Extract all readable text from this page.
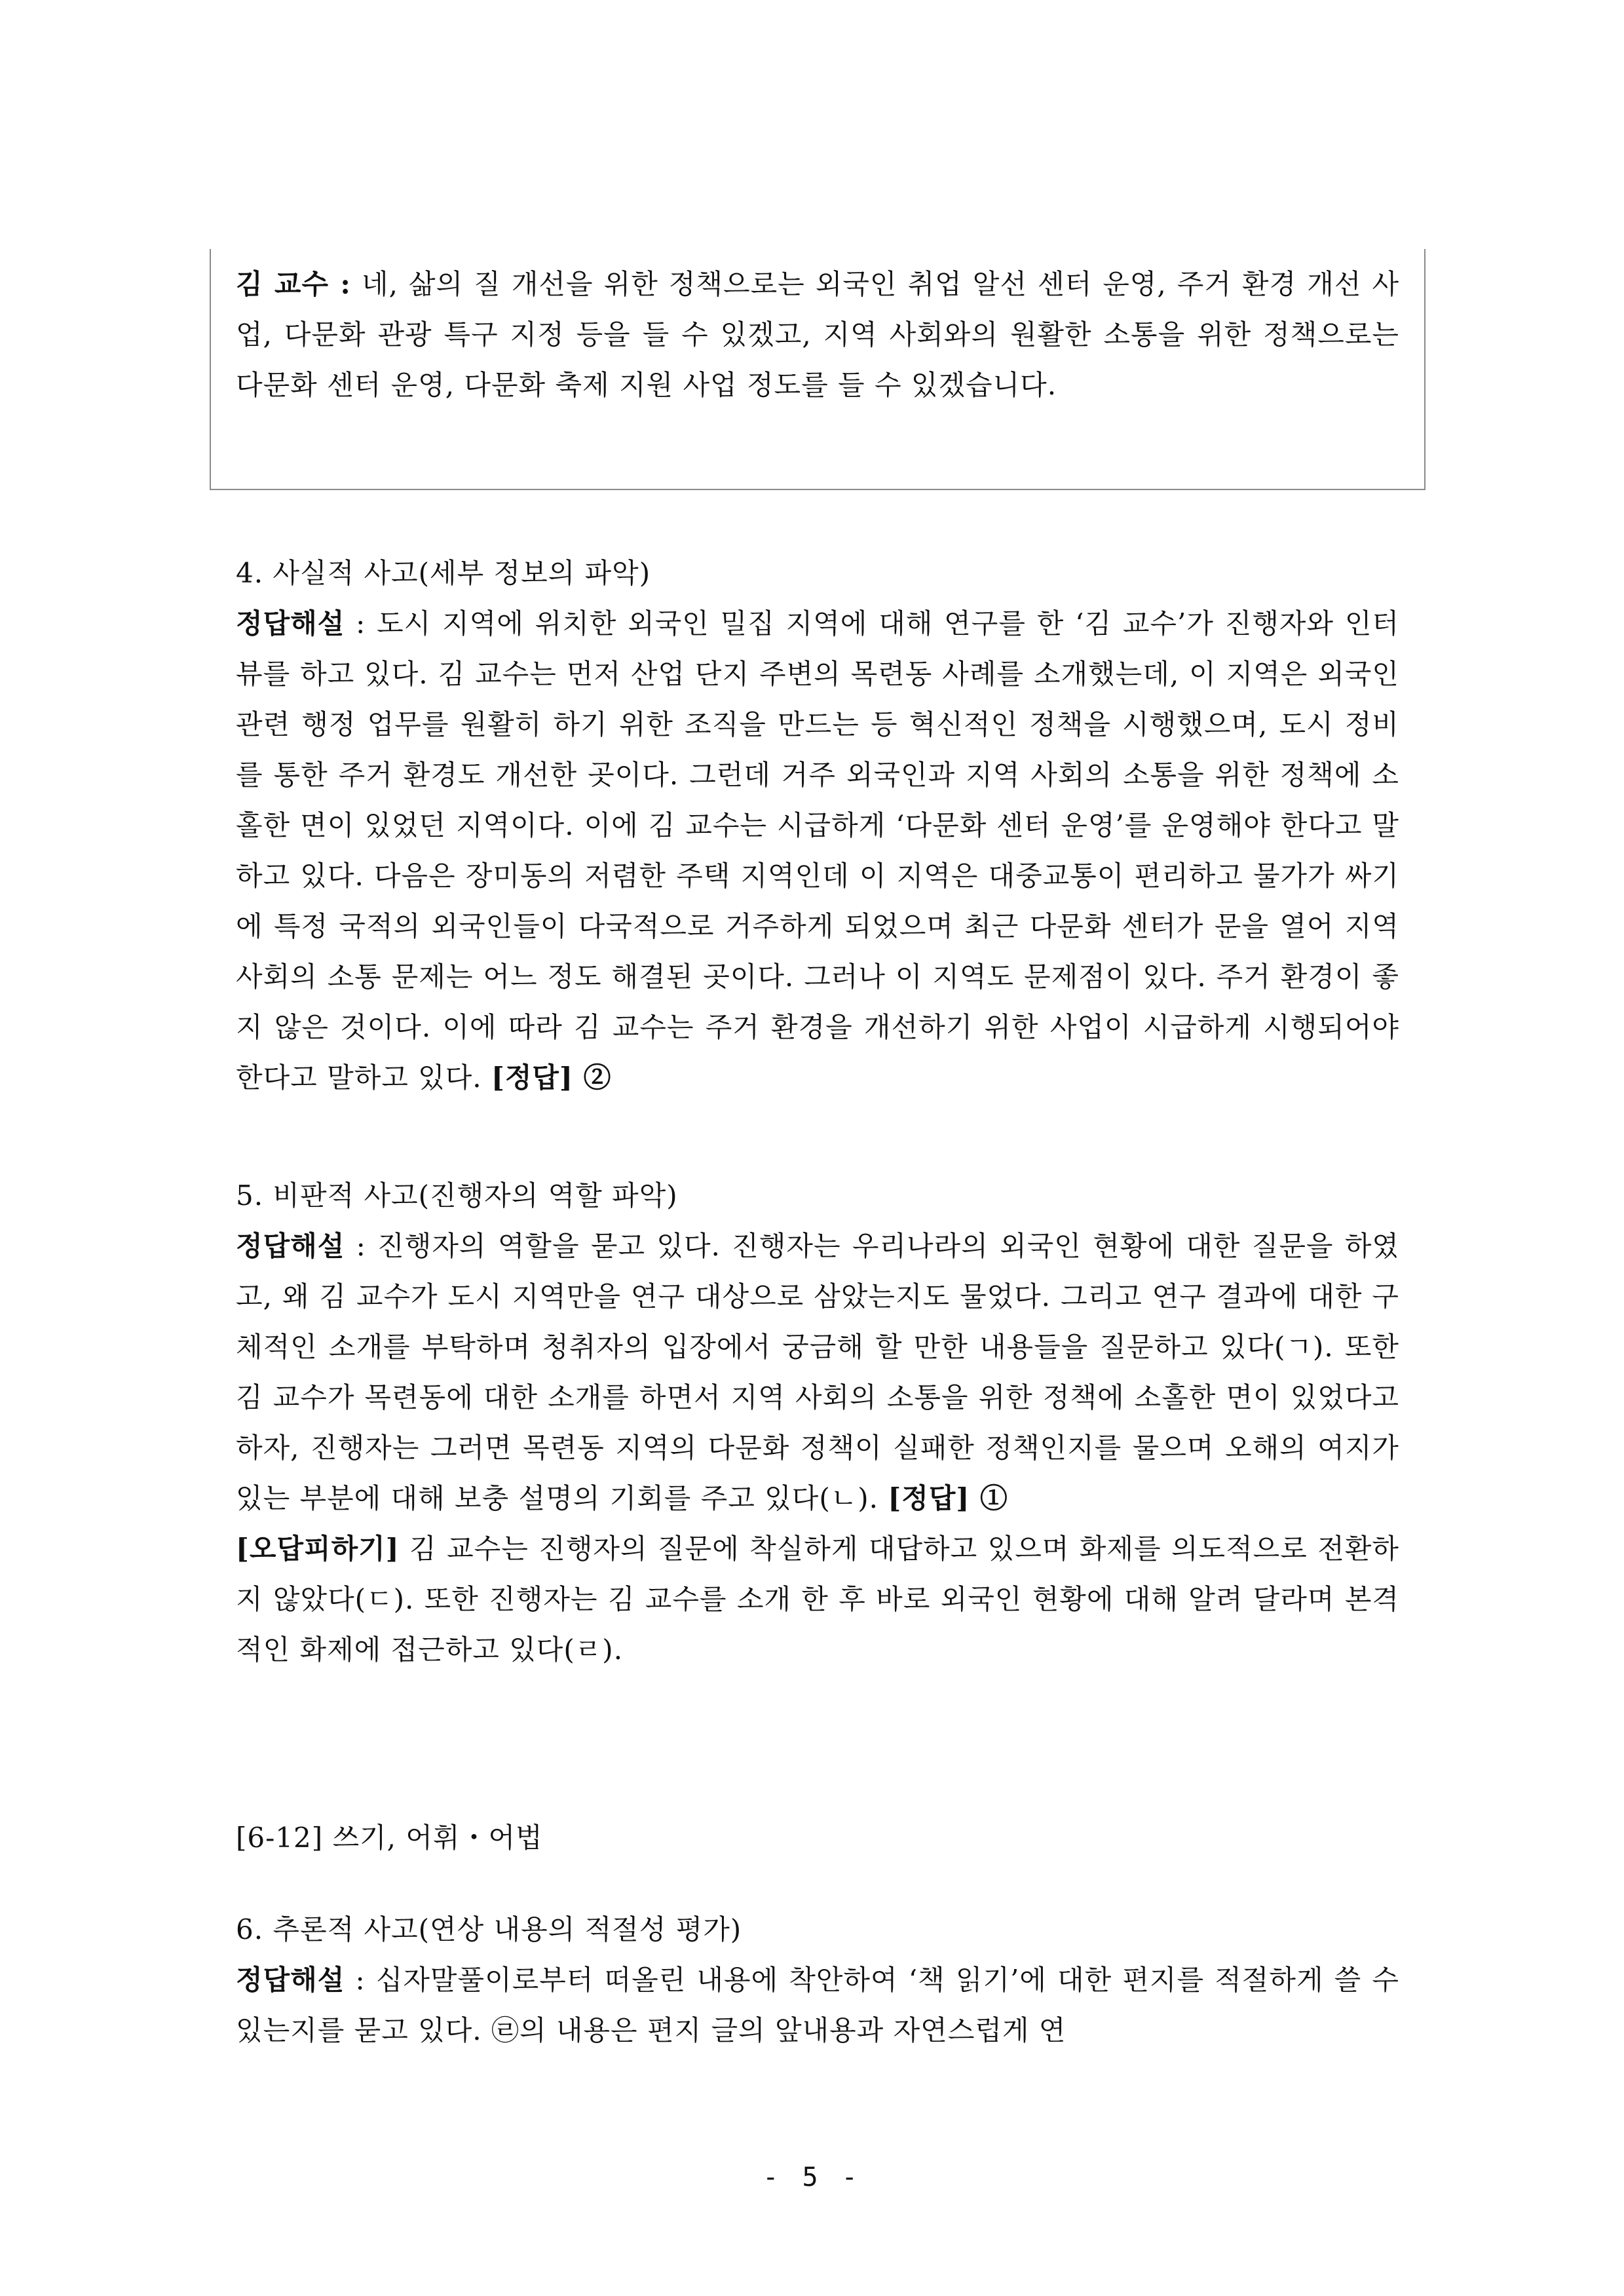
김 교수 : 네, 삶의 질 개선을 위한 정책으로는 외국인 취업 알선 센터 운영, 주거 환경 개선 사업, 다문화 관광 특구 지정 등을 들 수 있겠고, 지역 사회와의 원활한 소통을 위한 정책으로는 다문화 센터 운영, 다문화 축제 지원 사업 정도를 들 수 있겠습니다.

4. 사실적 사고(세부 정보의 파악)

정답해설 : 도시 지역에 위치한 외국인 밀집 지역에 대해 연구를 한 ‘김 교수’가 진행자와 인터뷰를 하고 있다. 김 교수는 먼저 산업 단지 주변의 목련동 사례를 소개했는데, 이 지역은 외국인 관련 행정 업무를 원활히 하기 위한 조직을 만드는 등 혁신적인 정책을 시행했으며, 도시 정비를 통한 주거 환경도 개선한 곳이다. 그런데 거주 외국인과 지역 사회의 소통을 위한 정책에 소홀한 면이 있었던 지역이다. 이에 김 교수는 시급하게 ‘다문화 센터 운영’를 운영해야 한다고 말하고 있다. 다음은 장미동의 저렴한 주택 지역인데 이 지역은 대중교통이 편리하고 물가가 싸기에 특정 국적의 외국인들이 다국적으로 거주하게 되었으며 최근 다문화 센터가 문을 열어 지역 사회의 소통 문제는 어느 정도 해결된 곳이다. 그러나 이 지역도 문제점이 있다. 주거 환경이 좋지 않은 것이다. 이에 따라 김 교수는 주거 환경을 개선하기 위한 사업이 시급하게 시행되어야 한다고 말하고 있다. [정답] ②

5. 비판적 사고(진행자의 역할 파악)

정답해설 : 진행자의 역할을 묻고 있다. 진행자는 우리나라의 외국인 현황에 대한 질문을 하였고, 왜 김 교수가 도시 지역만을 연구 대상으로 삼았는지도 물었다. 그리고 연구 결과에 대한 구체적인 소개를 부탁하며 청취자의 입장에서 궁금해 할 만한 내용들을 질문하고 있다(ㄱ). 또한 김 교수가 목련동에 대한 소개를 하면서 지역 사회의 소통을 위한 정책에 소홀한 면이 있었다고 하자, 진행자는 그러면 목련동 지역의 다문화 정책이 실패한 정책인지를 물으며 오해의 여지가 있는 부분에 대해 보충 설명의 기회를 주고 있다(ㄴ). [정답] ①

[오답피하기] 김 교수는 진행자의 질문에 착실하게 대답하고 있으며 화제를 의도적으로 전환하지 않았다(ㄷ). 또한 진행자는 김 교수를 소개 한 후 바로 외국인 현황에 대해 알려 달라며 본격적인 화제에 접근하고 있다(ㄹ).

[6-12] 쓰기, 어휘・어법

6. 추론적 사고(연상 내용의 적절성 평가)

정답해설 : 십자말풀이로부터 떠올린 내용에 착안하여 ‘책 읽기’에 대한 편지를 적절하게 쓸 수 있는지를 묻고 있다. ㉣의 내용은 편지 글의 앞내용과 자연스럽게 연

- 5 -
